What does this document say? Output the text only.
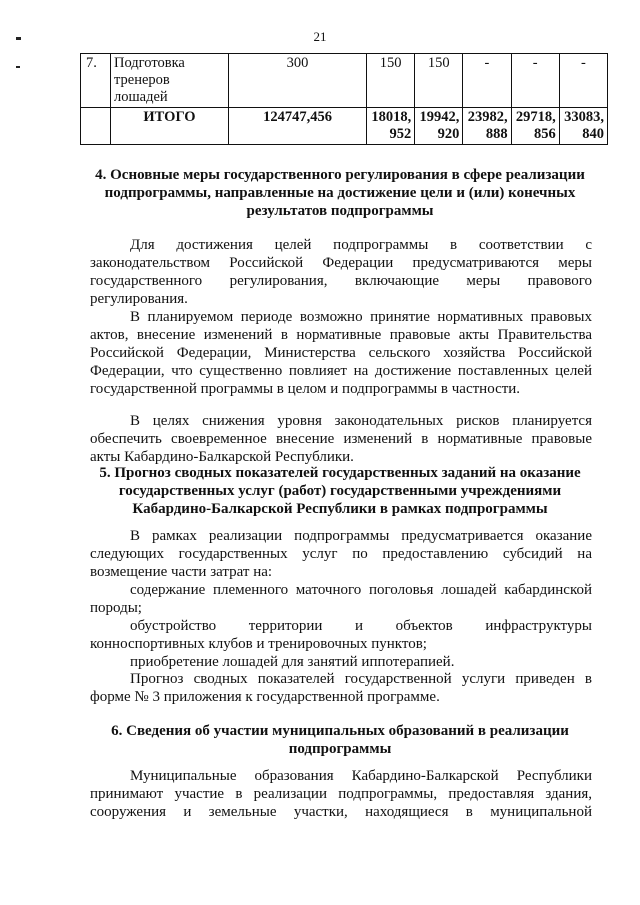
21
7.	Подготовка тренеров лошадей	300	150	150	-	-	-
	ИТОГО	124747,456	18018, 952	19942, 920	23982, 888	29718, 856	33083, 840
4. Основные меры государственного регулирования в сфере реализации подпрограммы, направленные на достижение цели и (или) конечных результатов подпрограммы

Для достижения целей подпрограммы в соответствии с законодательством Российской Федерации предусматриваются меры государственного регулирования, включающие меры правового регулирования.

В планируемом периоде возможно принятие нормативных правовых актов, внесение изменений в нормативные правовые акты Правительства Российской Федерации, Министерства сельского хозяйства Российской Федерации, что существенно повлияет на достижение поставленных целей государственной программы в целом и подпрограммы в частности.

В целях снижения уровня законодательных рисков планируется обеспечить своевременное внесение изменений в нормативные правовые акты Кабардино-Балкарской Республики.

5. Прогноз сводных показателей государственных заданий на оказание государственных услуг (работ) государственными учреждениями Кабардино-Балкарской Республики в рамках подпрограммы

В рамках реализации подпрограммы предусматривается оказание следующих государственных услуг по предоставлению субсидий на возмещение части затрат на:

содержание племенного маточного поголовья лошадей кабардинской породы;

обустройство территории и объектов инфраструктуры конноспортивных клубов и тренировочных пунктов;

приобретение лошадей для занятий иппотерапией.

Прогноз сводных показателей государственной услуги приведен в форме № 3 приложения к государственной программе.

6. Сведения об участии муниципальных образований в реализации подпрограммы

Муниципальные образования Кабардино-Балкарской Республики принимают участие в реализации подпрограммы, предоставляя здания, сооружения и земельные участки, находящиеся в муниципальной
